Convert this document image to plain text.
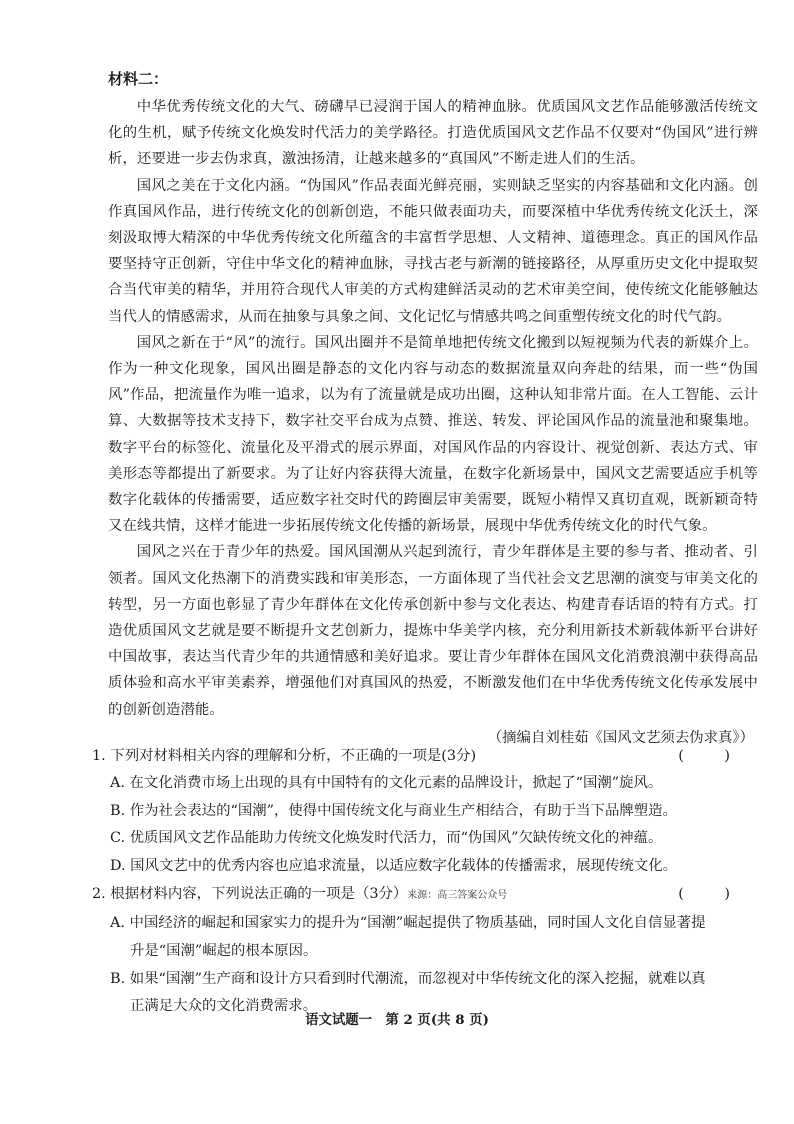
材料二：

中华优秀传统文化的大气、磅礴早已浸润于国人的精神血脉。优质国风文艺作品能够激活传统文化的生机，赋予传统文化焕发时代活力的美学路径。打造优质国风文艺作品不仅要对“伪国风”进行辨析，还要进一步去伪求真，激浊扬清，让越来越多的“真国风”不断走进人们的生活。

国风之美在于文化内涵。“伪国风”作品表面光鲜亮丽，实则缺乏坚实的内容基础和文化内涵。创作真国风作品，进行传统文化的创新创造，不能只做表面功夫，而要深植中华优秀传统文化沃土，深刻汲取博大精深的中华优秀传统文化所蕴含的丰富哲学思想、人文精神、道德理念。真正的国风作品要坚持守正创新，守住中华文化的精神血脉，寻找古老与新潮的链接路径，从厚重历史文化中提取契合当代审美的精华，并用符合现代人审美的方式构建鲜活灵动的艺术审美空间，使传统文化能够触达当代人的情感需求，从而在抽象与具象之间、文化记忆与情感共鸣之间重塑传统文化的时代气韵。

国风之新在于“风”的流行。国风出圈并不是简单地把传统文化搬到以短视频为代表的新媒介上。作为一种文化现象，国风出圈是静态的文化内容与动态的数据流量双向奔赴的结果，而一些“伪国风”作品，把流量作为唯一追求，以为有了流量就是成功出圈，这种认知非常片面。在人工智能、云计算、大数据等技术支持下，数字社交平台成为点赞、推送、转发、评论国风作品的流量池和聚集地。数字平台的标签化、流量化及平滑式的展示界面，对国风作品的内容设计、视觉创新、表达方式、审美形态等都提出了新要求。为了让好内容获得大流量，在数字化新场景中，国风文艺需要适应手机等数字化载体的传播需要，适应数字社交时代的跨圈层审美需要，既短小精悍又真切直观，既新颖奇特又在线共情，这样才能进一步拓展传统文化传播的新场景，展现中华优秀传统文化的时代气象。

国风之兴在于青少年的热爱。国风国潮从兴起到流行，青少年群体是主要的参与者、推动者、引领者。国风文化热潮下的消费实践和审美形态，一方面体现了当代社会文艺思潮的演变与审美文化的转型，另一方面也彰显了青少年群体在文化传承创新中参与文化表达、构建青春话语的特有方式。打造优质国风文艺就是要不断提升文艺创新力，提炼中华美学内核，充分利用新技术新载体新平台讲好中国故事，表达当代青少年的共通情感和美好追求。要让青少年群体在国风文化消费浪潮中获得高品质体验和高水平审美素养，增强他们对真国风的热爱，不断激发他们在中华优秀传统文化传承发展中的创新创造潜能。

（摘编自刘桂茹《国风文艺须去伪求真》）

1. 下列对材料相关内容的理解和分析，不正确的一项是(3分)	( )

A. 在文化消费市场上出现的具有中国特有的文化元素的品牌设计，掀起了“国潮”旋风。

B. 作为社会表达的“国潮”，使得中国传统文化与商业生产相结合，有助于当下品牌塑造。

C. 优质国风文艺作品能助力传统文化焕发时代活力，而“伪国风”欠缺传统文化的神蕴。

D. 国风文艺中的优秀内容也应追求流量，以适应数字化载体的传播需求，展现传统文化。

2. 根据材料内容，下列说法正确的一项是（3分）来源：高三答案公众号	( )

A. 中国经济的崛起和国家实力的提升为“国潮”崛起提供了物质基础，同时国人文化自信显著提

升是“国潮”崛起的根本原因。

B. 如果“国潮”生产商和设计方只看到时代潮流，而忽视对中华传统文化的深入挖掘，就难以真

正满足大众的文化消费需求。

语文试题一　第 2 页(共 8 页)
